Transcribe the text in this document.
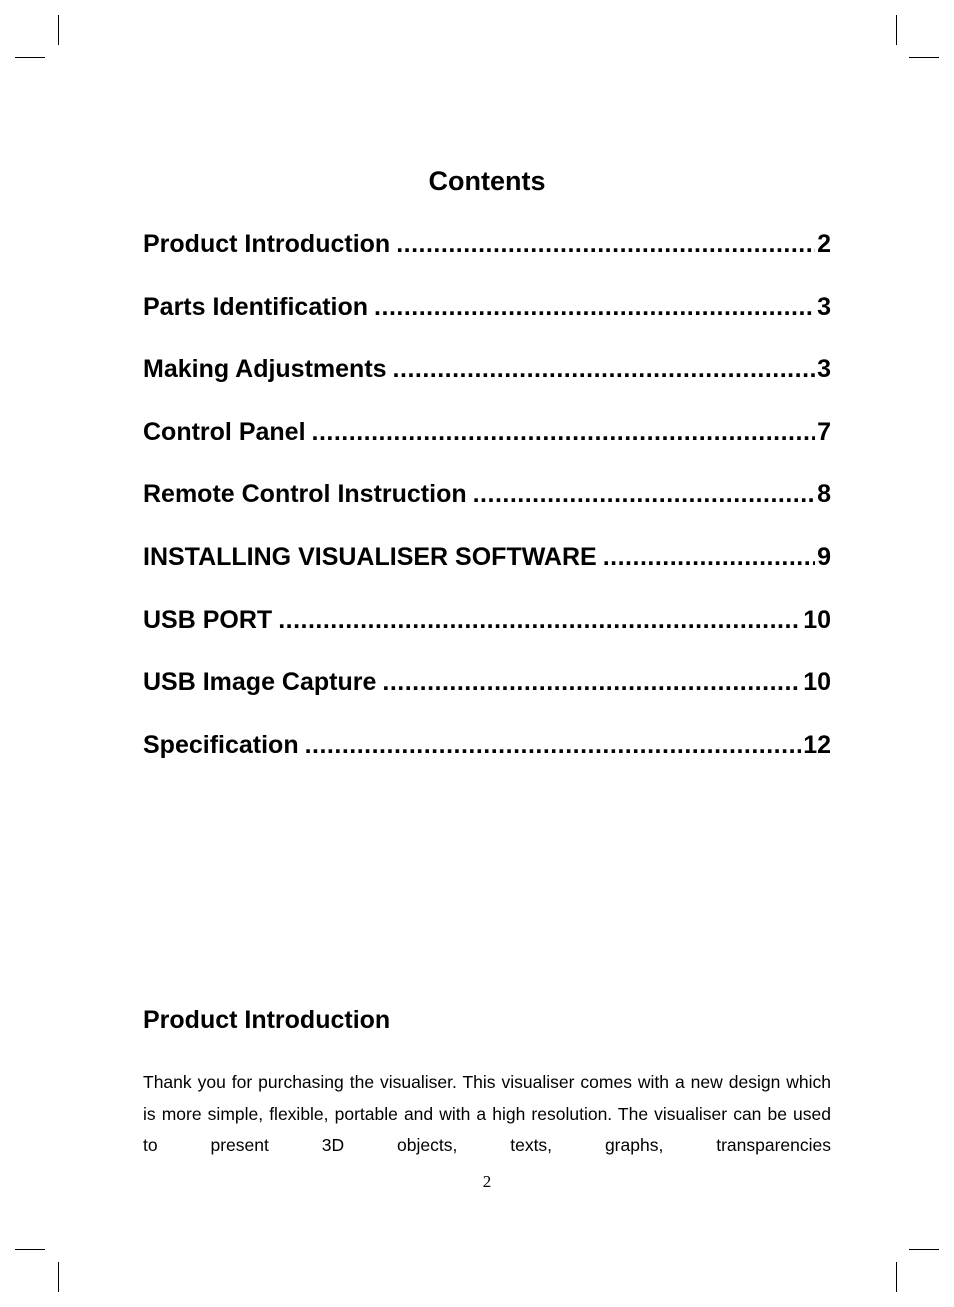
Contents
Product Introduction .....	2
Parts Identification .....	3
Making Adjustments .....	3
Control Panel .....	7
Remote Control Instruction .....	8
INSTALLING VISUALISER SOFTWARE .....	9
USB PORT .....	10
USB Image Capture .....	10
Specification .....	12
Product Introduction
Thank you for purchasing the visualiser. This visualiser comes with a new design which is more simple, flexible, portable and with a high resolution. The visualiser can be used to present 3D objects, texts, graphs, transparencies
2
